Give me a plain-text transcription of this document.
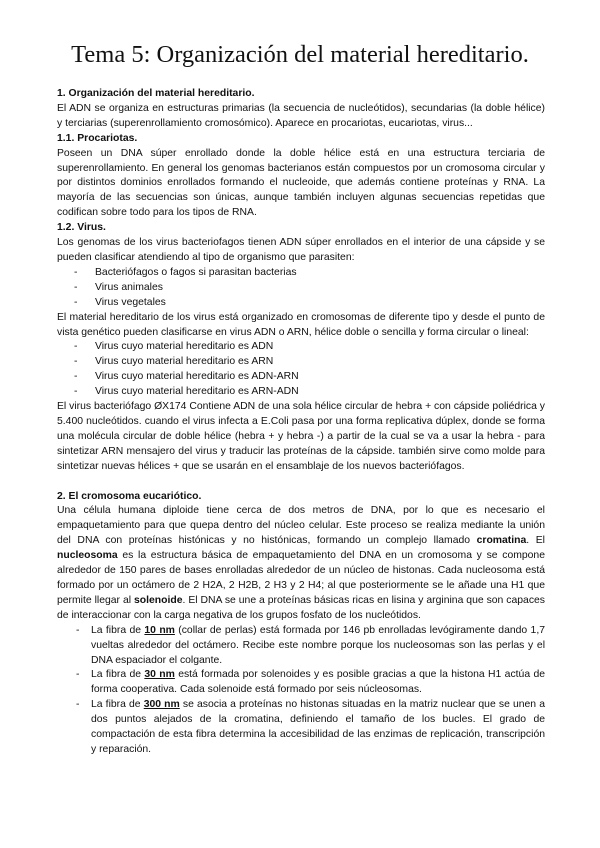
Tema 5: Organización del material hereditario.

1. Organización del material hereditario.

El ADN se organiza en estructuras primarias (la secuencia de nucleótidos), secundarias (la doble hélice) y terciarias (superenrollamiento cromosómico). Aparece en procariotas, eucariotas, virus...

1.1. Procariotas.

Poseen un DNA súper enrollado donde la doble hélice está en una estructura terciaria de superenrollamiento. En general los genomas bacterianos están compuestos por un cromosoma circular y por distintos dominios enrollados formando el nucleoide, que además contiene proteínas y RNA. La mayoría de las secuencias son únicas, aunque también incluyen algunas secuencias repetidas que codifican sobre todo para los tipos de RNA.

1.2. Virus.

Los genomas de los virus bacteriofagos tienen ADN súper enrollados en el interior de una cápside y se pueden clasificar atendiendo al tipo de organismo que parasiten:

- Bacteriófagos o fagos si parasitan bacterias
- Virus animales
- Virus vegetales

El material hereditario de los virus está organizado en cromosomas de diferente tipo y desde el punto de vista genético pueden clasificarse en virus ADN o ARN, hélice doble o sencilla y forma circular o lineal:

- Virus cuyo material hereditario es ADN
- Virus cuyo material hereditario es ARN
- Virus cuyo material hereditario es ADN-ARN
- Virus cuyo material hereditario es ARN-ADN

El virus bacteriófago ØX174 Contiene ADN de una sola hélice circular de hebra + con cápside poliédrica y 5.400 nucleótidos. cuando el virus infecta a E.Coli pasa por una forma replicativa dúplex, donde se forma una molécula circular de doble hélice (hebra + y hebra -) a partir de la cual se va a usar la hebra - para sintetizar ARN mensajero del virus y traducir las proteínas de la cápside. también sirve como molde para sintetizar nuevas hélices + que se usarán en el ensamblaje de los nuevos bacteriófagos.

2. El cromosoma eucariótico.

Una célula humana diploide tiene cerca de dos metros de DNA, por lo que es necesario el empaquetamiento para que quepa dentro del núcleo celular. Este proceso se realiza mediante la unión del DNA con proteínas histónicas y no histónicas, formando un complejo llamado cromatina. El nucleosoma es la estructura básica de empaquetamiento del DNA en un cromosoma y se compone alrededor de 150 pares de bases enrolladas alrededor de un núcleo de histonas. Cada nucleosoma está formado por un octámero de 2 H2A, 2 H2B, 2 H3 y 2 H4; al que posteriormente se le añade una H1 que permite llegar al solenoide. El DNA se une a proteínas básicas ricas en lisina y arginina que son capaces de interaccionar con la carga negativa de los grupos fosfato de los nucleótidos.

- La fibra de 10 nm (collar de perlas) está formada por 146 pb enrolladas levógiramente dando 1,7 vueltas alrededor del octámero. Recibe este nombre porque los nucleosomas son las perlas y el DNA espaciador el colgante.
- La fibra de 30 nm está formada por solenoides y es posible gracias a que la histona H1 actúa de forma cooperativa. Cada solenoide está formado por seis núcleosomas.
- La fibra de 300 nm se asocia a proteínas no histonas situadas en la matriz nuclear que se unen a dos puntos alejados de la cromatina, definiendo el tamaño de los bucles. El grado de compactación de esta fibra determina la accesibilidad de las enzimas de replicación, transcripción y reparación.
